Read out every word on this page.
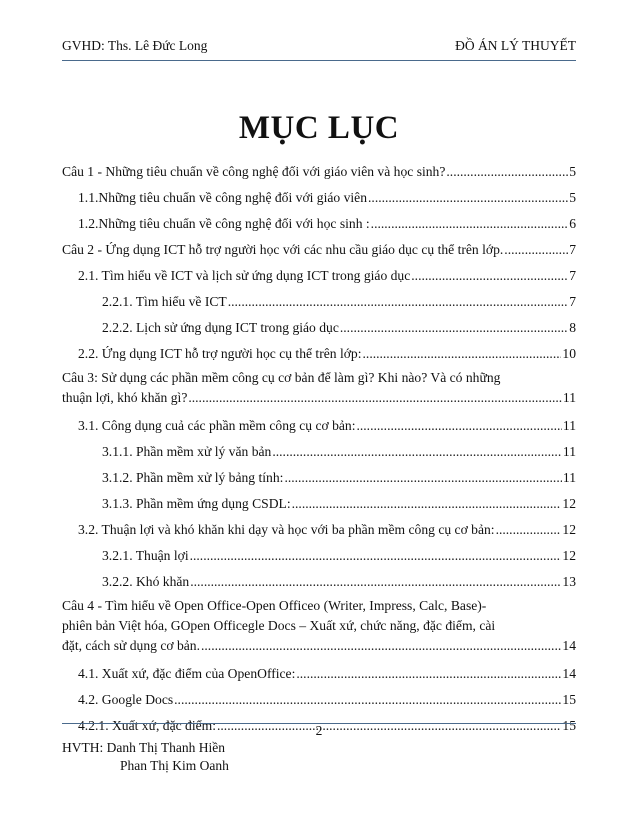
GVHD: Ths. Lê Đức Long	ĐỒ ÁN LÝ THUYẾT
MỤC LỤC
Câu 1 - Những tiêu chuẩn về công nghệ đối với giáo viên và học sinh? .....	5
1.1. Những tiêu chuẩn về công nghệ đối với giáo viên .....	5
1.2. Những tiêu chuẩn về công nghệ đối với học sinh : .....	6
Câu 2 - Ứng dụng ICT hỗ trợ người học với các nhu cầu giáo dục cụ thể trên lớp. .....	7
2.1. Tìm hiểu về ICT và lịch sử ứng dụng ICT trong giáo dục .....	7
2.2.1. Tìm hiểu về ICT .....	7
2.2.2. Lịch sử ứng dụng ICT trong giáo dục .....	8
2.2. Ứng dụng ICT hỗ trợ người học cụ thể trên lớp: .....	10
Câu 3: Sử dụng các phần mềm công cụ cơ bản để làm gì? Khi nào? Và có những
thuận lợi, khó khăn gì? .....	11
3.1. Công dụng cuả các phần mềm công cụ cơ bản: .....	11
3.1.1. Phần mềm xử lý văn bản .....	11
3.1.2. Phần mềm xử lý bảng tính: .....	11
3.1.3. Phần mềm ứng dụng CSDL: .....	12
3.2. Thuận lợi và khó khăn khi dạy và học với ba phần mềm công cụ cơ bản: .....	12
3.2.1. Thuận lợi .....	12
3.2.2. Khó khăn .....	13
Câu 4 - Tìm hiểu về Open Office-Open Officeo (Writer, Impress, Calc, Base)-
phiên bản Việt hóa, GOpen Officegle Docs – Xuất xứ, chức năng, đặc điểm, cài
đặt, cách sử dụng cơ bản. .....	14
4.1. Xuất xứ, đặc điểm của OpenOffice: .....	14
4.2. Google Docs .....	15
4.2.1. Xuất xứ, đặc điểm: .....	15
2
HVTH: Danh Thị Thanh Hiền
Phan Thị Kim Oanh
